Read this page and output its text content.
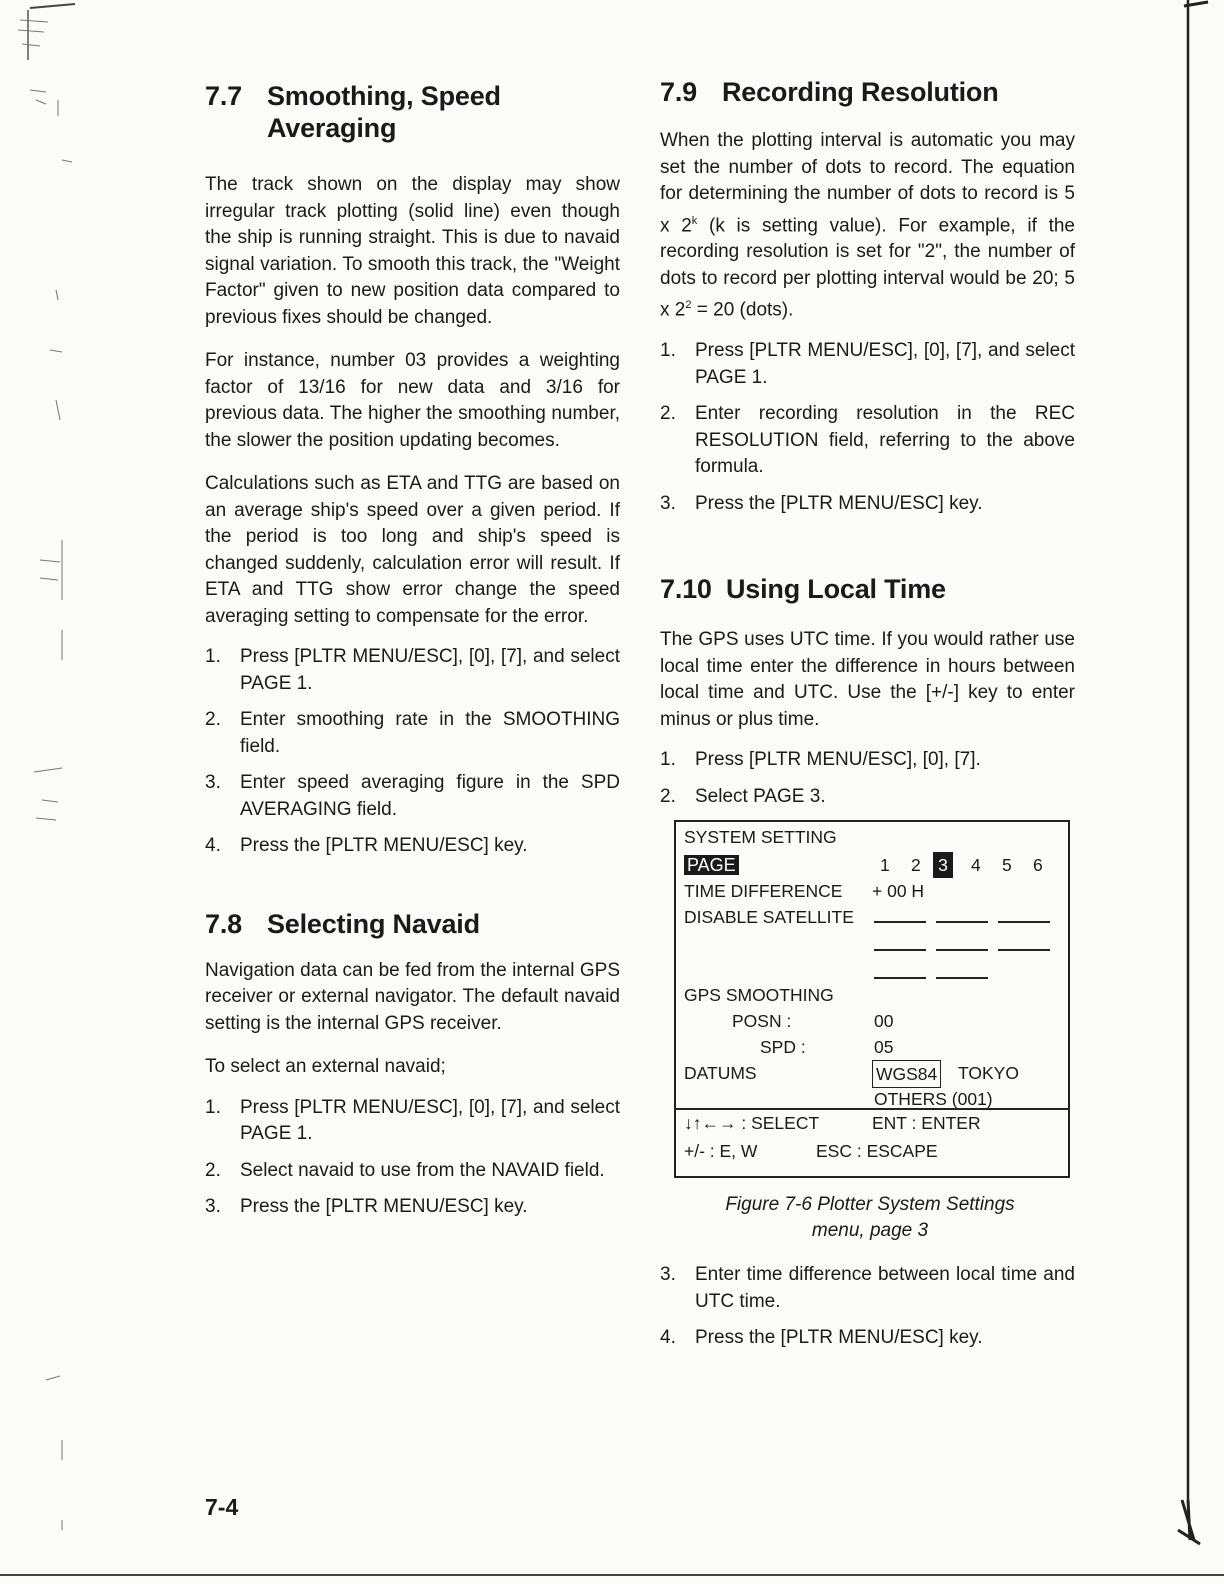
7.7 Smoothing, Speed
Averaging

The track shown on the display may show irregular track plotting (solid line) even though the ship is running straight. This is due to navaid signal variation. To smooth this track, the "Weight Factor" given to new position data compared to previous fixes should be changed.

For instance, number 03 provides a weighting factor of 13/16 for new data and 3/16 for previous data. The higher the smoothing number, the slower the position updating becomes.

Calculations such as ETA and TTG are based on an average ship's speed over a given period. If the period is too long and ship's speed is changed suddenly, calculation error will result. If ETA and TTG show error change the speed averaging setting to compensate for the error.

1.	Press [PLTR MENU/ESC], [0], [7], and select PAGE 1.
2.	Enter smoothing rate in the SMOOTHING field.
3.	Enter speed averaging figure in the SPD AVERAGING field.
4.	Press the [PLTR MENU/ESC] key.
7.8 Selecting Navaid

Navigation data can be fed from the internal GPS receiver or external navigator. The default navaid setting is the internal GPS receiver.

To select an external navaid;

1.	Press [PLTR MENU/ESC], [0], [7], and select PAGE 1.
2.	Select navaid to use from the NAVAID field.
3.	Press the [PLTR MENU/ESC] key.
7.9 Recording Resolution

When the plotting interval is automatic you may set the number of dots to record. The equation for determining the number of dots to record is 5 x 2$^k$ (k is setting value). For example, if the recording resolution is set for "2", the number of dots to record per plotting interval would be 20; 5 x $2^2 = 20$ (dots).

1.	Press [PLTR MENU/ESC], [0], [7], and select PAGE 1.
2.	Enter recording resolution in the REC RESOLUTION field, referring to the above formula.
3.	Press the [PLTR MENU/ESC] key.
7.10 Using Local Time

The GPS uses UTC time. If you would rather use local time enter the difference in hours between local time and UTC. Use the [+/-] key to enter minus or plus time.

1.	Press [PLTR MENU/ESC], [0], [7].
2.	Select PAGE 3.
SYSTEM SETTING
PAGE	1 2 3 4 5 6
TIME DIFFERENCE + 00 H
DISABLE SATELLITE
GPS SMOOTHING
POSN :	00
SPD :	05
DATUMS	WGS84 TOKYO
OTHERS (001)
↓↑←→ : SELECT	ENT : ENTER
+/- : E, W	ESC : ESCAPE
Figure 7-6 Plotter System Settings
menu, page 3
3.	Enter time difference between local time and UTC time.
4.	Press the [PLTR MENU/ESC] key.
7-4
